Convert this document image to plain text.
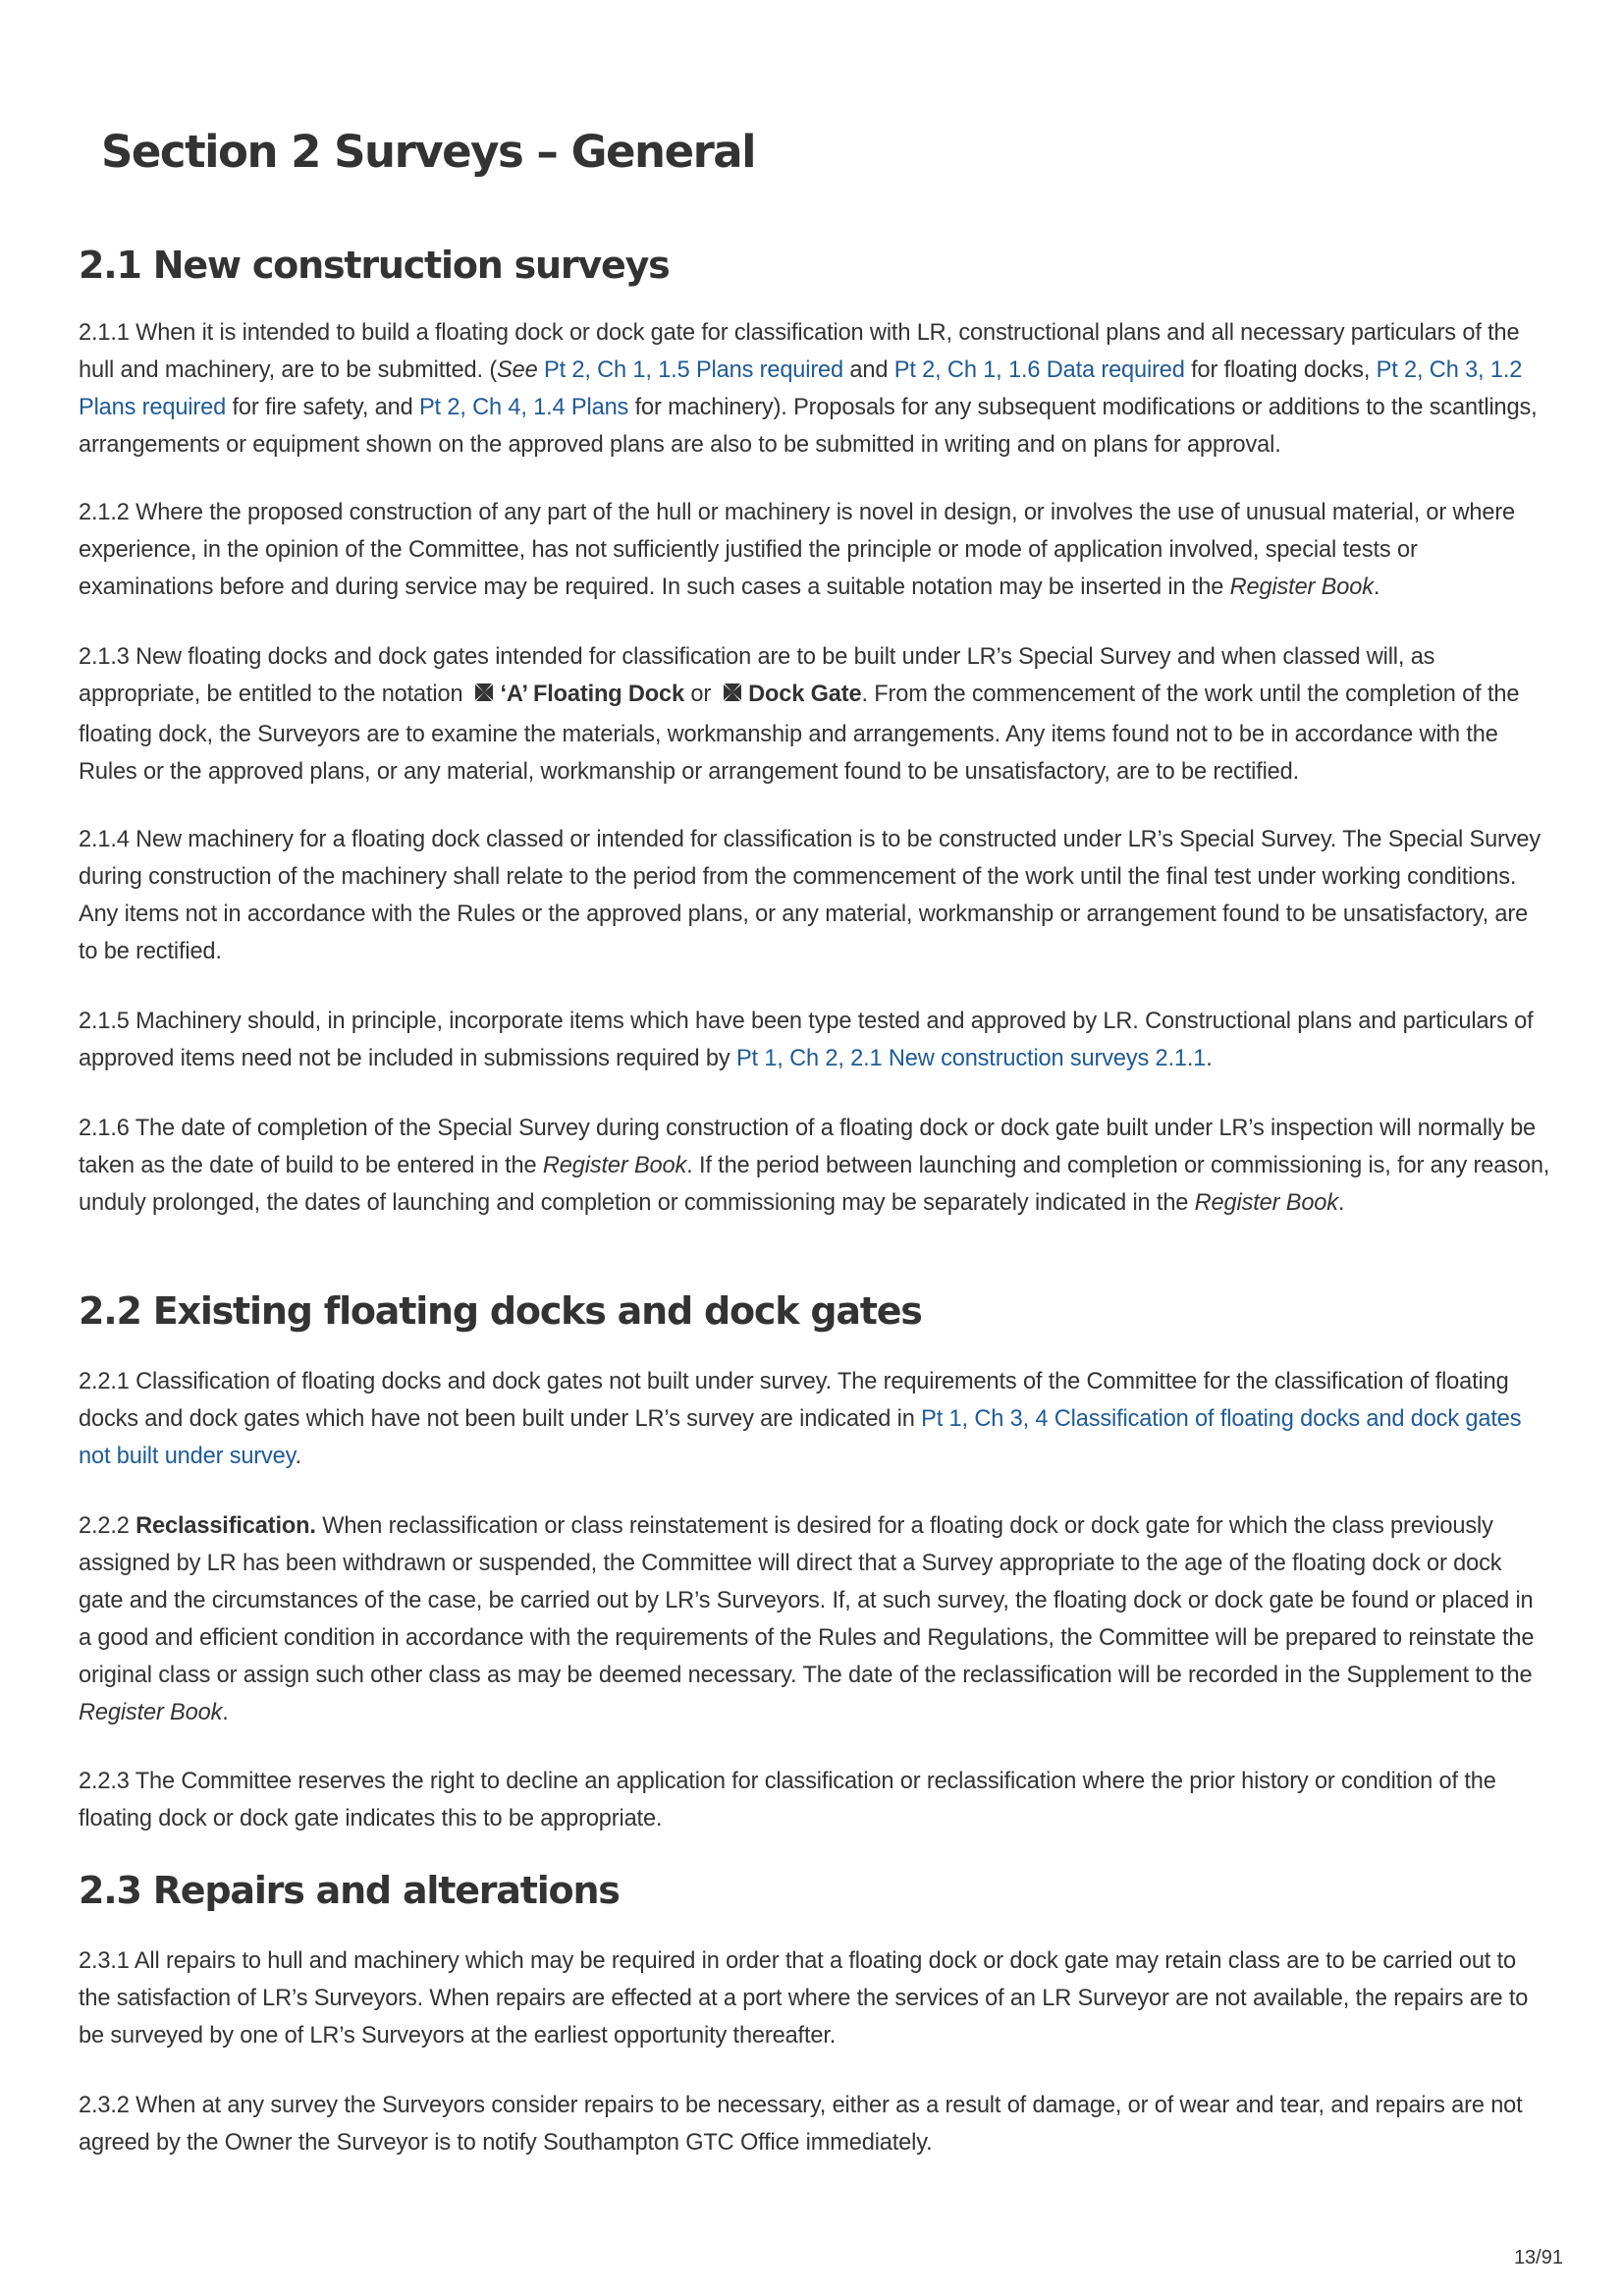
Section 2 Surveys – General
2.1 New construction surveys

2.1.1 When it is intended to build a floating dock or dock gate for classification with LR, constructional plans and all necessary particulars of the hull and machinery, are to be submitted. (See Pt 2, Ch 1, 1.5 Plans required and Pt 2, Ch 1, 1.6 Data required for floating docks, Pt 2, Ch 3, 1.2 Plans required for fire safety, and Pt 2, Ch 4, 1.4 Plans for machinery). Proposals for any subsequent modifications or additions to the scantlings, arrangements or equipment shown on the approved plans are also to be submitted in writing and on plans for approval.

2.1.2 Where the proposed construction of any part of the hull or machinery is novel in design, or involves the use of unusual material, or where experience, in the opinion of the Committee, has not sufficiently justified the principle or mode of application involved, special tests or examinations before and during service may be required. In such cases a suitable notation may be inserted in the Register Book.

2.1.3 New floating docks and dock gates intended for classification are to be built under LR’s Special Survey and when classed will, as appropriate, be entitled to the notation ‘A’ Floating Dock or Dock Gate. From the commencement of the work until the completion of the floating dock, the Surveyors are to examine the materials, workmanship and arrangements. Any items found not to be in accordance with the Rules or the approved plans, or any material, workmanship or arrangement found to be unsatisfactory, are to be rectified.

2.1.4 New machinery for a floating dock classed or intended for classification is to be constructed under LR’s Special Survey. The Special Survey during construction of the machinery shall relate to the period from the commencement of the work until the final test under working conditions. Any items not in accordance with the Rules or the approved plans, or any material, workmanship or arrangement found to be unsatisfactory, are to be rectified.

2.1.5 Machinery should, in principle, incorporate items which have been type tested and approved by LR. Constructional plans and particulars of approved items need not be included in submissions required by Pt 1, Ch 2, 2.1 New construction surveys 2.1.1.

2.1.6 The date of completion of the Special Survey during construction of a floating dock or dock gate built under LR’s inspection will normally be taken as the date of build to be entered in the Register Book. If the period between launching and completion or commissioning is, for any reason, unduly prolonged, the dates of launching and completion or commissioning may be separately indicated in the Register Book.

2.2 Existing floating docks and dock gates

2.2.1 Classification of floating docks and dock gates not built under survey. The requirements of the Committee for the classification of floating docks and dock gates which have not been built under LR’s survey are indicated in Pt 1, Ch 3, 4 Classification of floating docks and dock gates not built under survey.

2.2.2 Reclassification. When reclassification or class reinstatement is desired for a floating dock or dock gate for which the class previously assigned by LR has been withdrawn or suspended, the Committee will direct that a Survey appropriate to the age of the floating dock or dock gate and the circumstances of the case, be carried out by LR’s Surveyors. If, at such survey, the floating dock or dock gate be found or placed in a good and efficient condition in accordance with the requirements of the Rules and Regulations, the Committee will be prepared to reinstate the original class or assign such other class as may be deemed necessary. The date of the reclassification will be recorded in the Supplement to the Register Book.

2.2.3 The Committee reserves the right to decline an application for classification or reclassification where the prior history or condition of the floating dock or dock gate indicates this to be appropriate.

2.3 Repairs and alterations

2.3.1 All repairs to hull and machinery which may be required in order that a floating dock or dock gate may retain class are to be carried out to the satisfaction of LR’s Surveyors. When repairs are effected at a port where the services of an LR Surveyor are not available, the repairs are to be surveyed by one of LR’s Surveyors at the earliest opportunity thereafter.

2.3.2 When at any survey the Surveyors consider repairs to be necessary, either as a result of damage, or of wear and tear, and repairs are not agreed by the Owner the Surveyor is to notify Southampton GTC Office immediately.

13/91
